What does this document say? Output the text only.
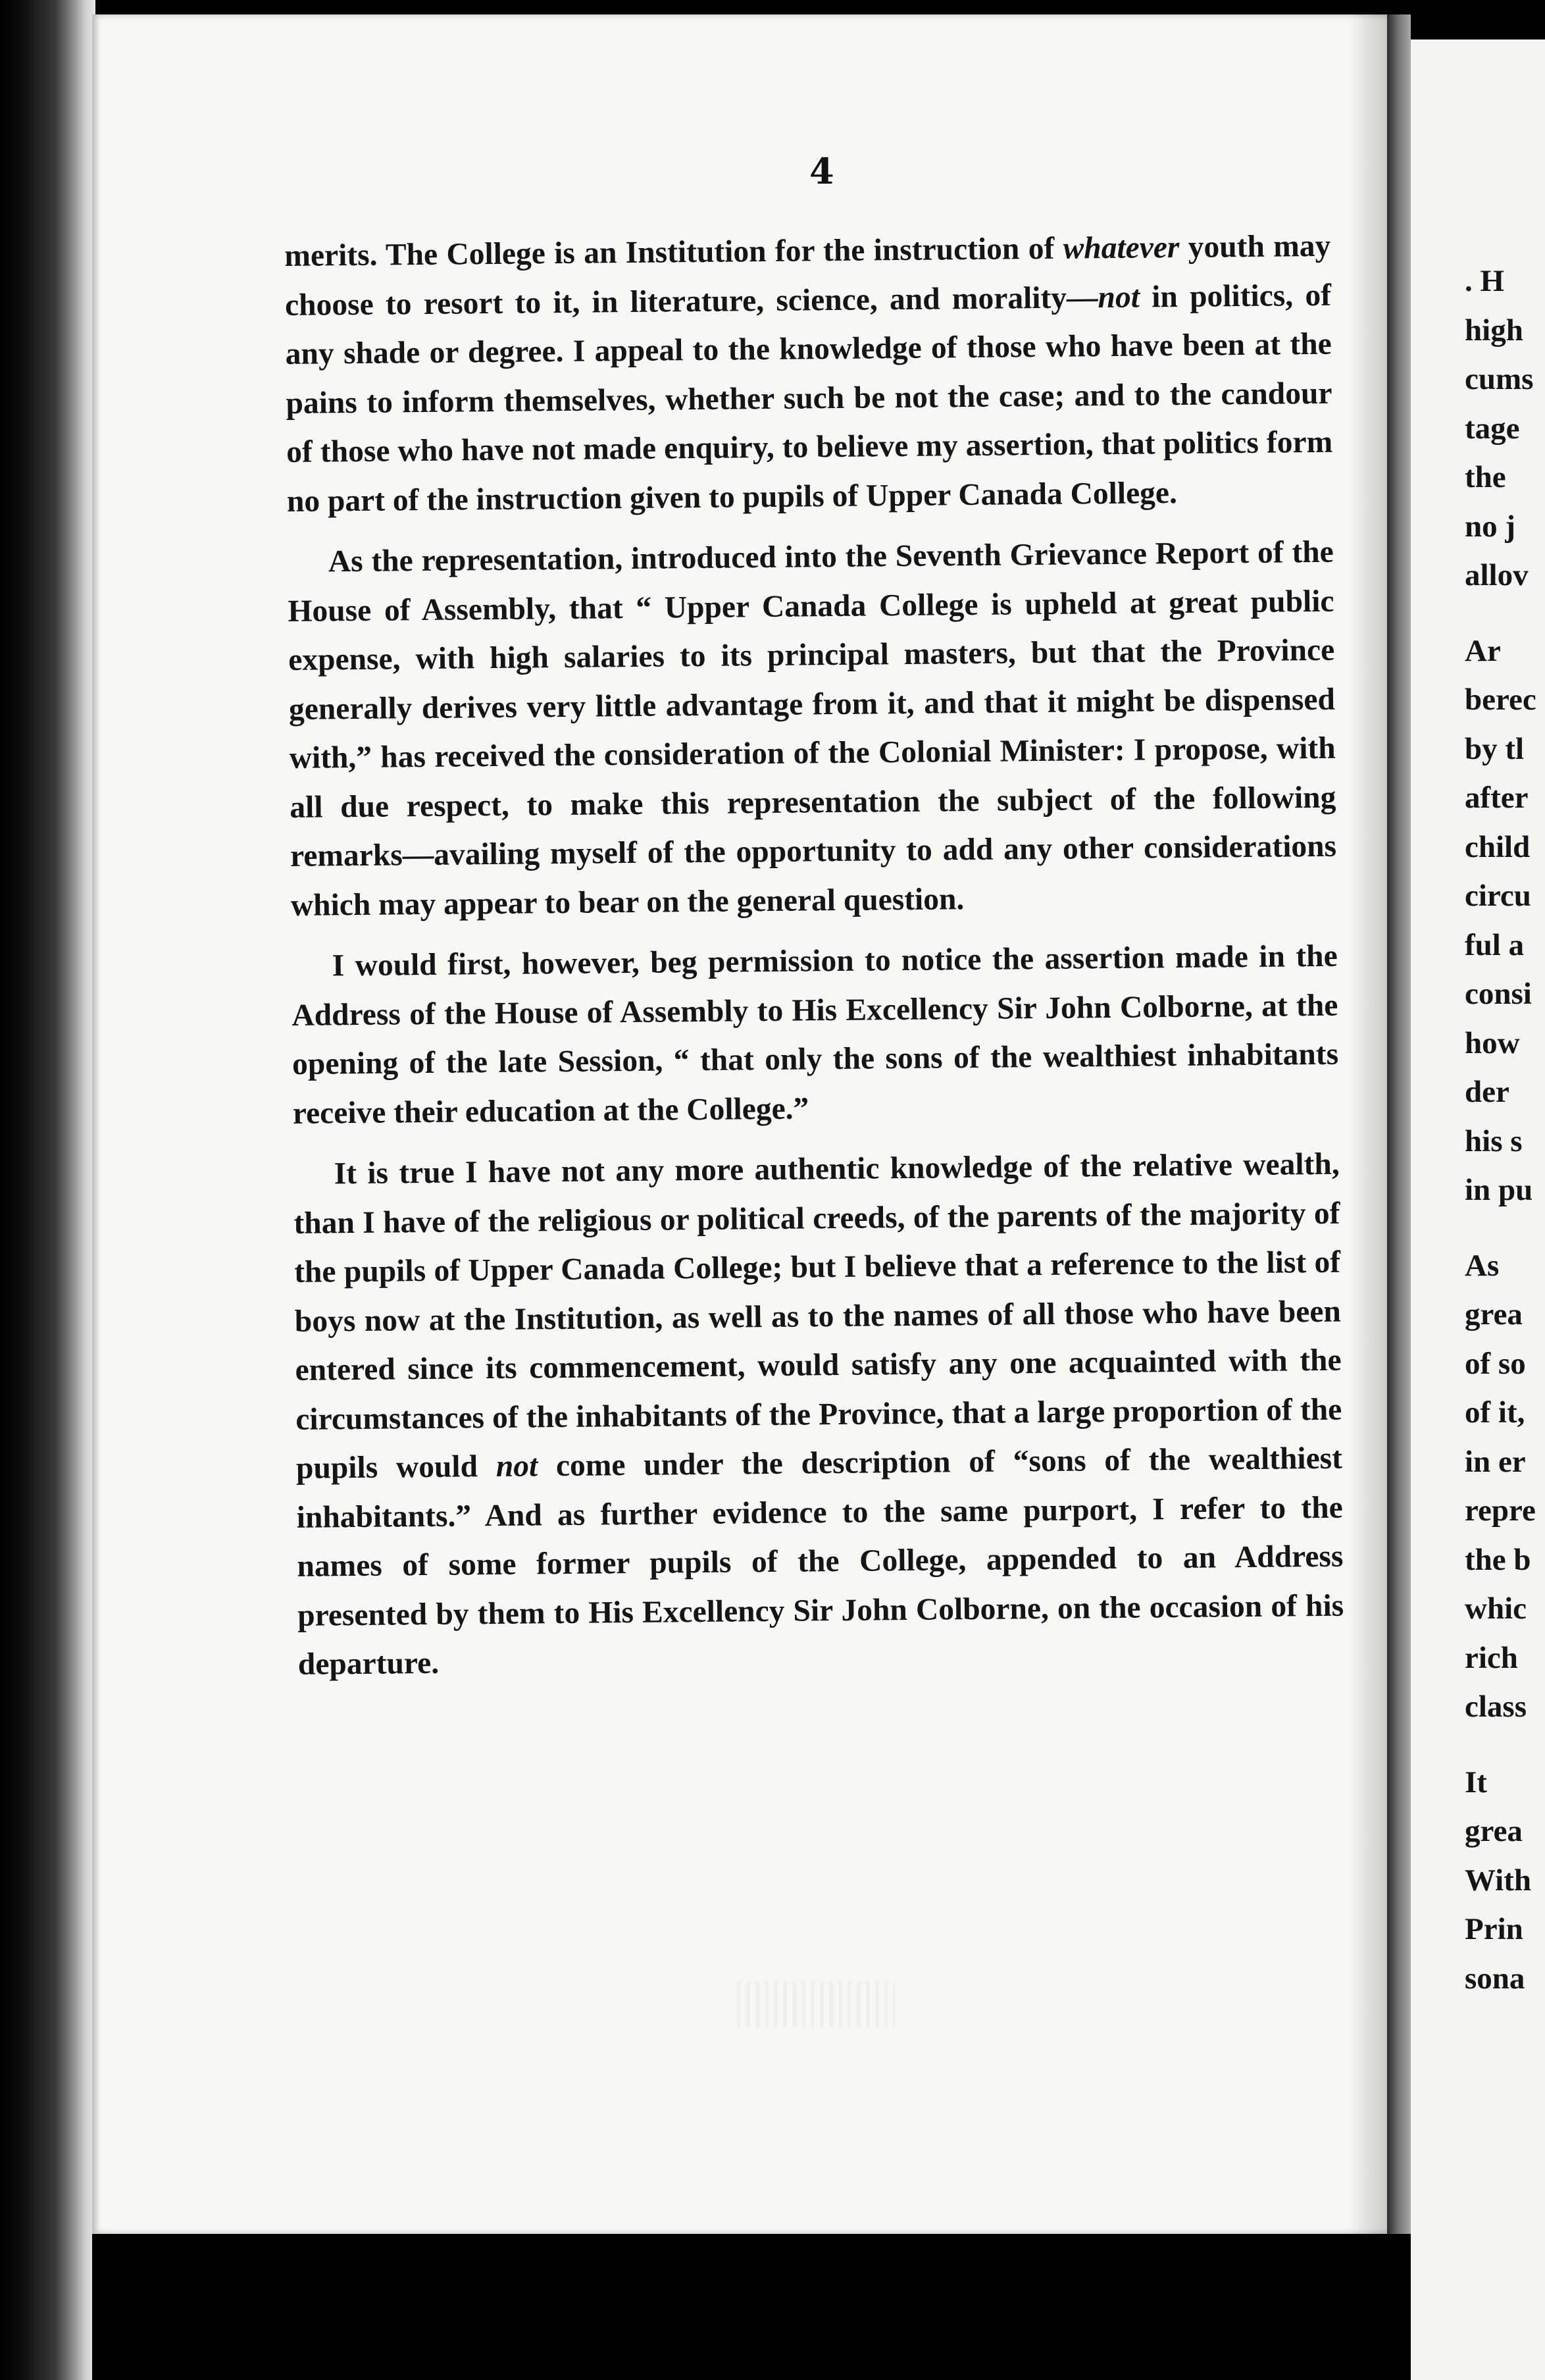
. H
high
cums
tage
the
no j
allov
Ar
berec
by tl
after
child
circu
ful a
consi
how
der
his s
in pu
As
grea
of so
of it,
in er
repre
the b
whic
rich
class
It
grea
With
Prin
sona
4

merits. The College is an Institution for the instruction of whatever youth may choose to resort to it, in literature, science, and morality—not in politics, of any shade or degree. I appeal to the knowledge of those who have been at the pains to inform themselves, whether such be not the case; and to the candour of those who have not made enquiry, to believe my assertion, that politics form no part of the instruction given to pupils of Upper Canada College.

As the representation, introduced into the Seventh Grievance Report of the House of Assembly, that “ Upper Canada College is upheld at great public expense, with high salaries to its principal masters, but that the Province generally derives very little advantage from it, and that it might be dispensed with,” has received the consideration of the Colonial Minister: I propose, with all due respect, to make this representation the subject of the following remarks—availing myself of the opportunity to add any other considerations which may appear to bear on the general question.

I would first, however, beg permission to notice the assertion made in the Address of the House of Assembly to His Excellency Sir John Colborne, at the opening of the late Session, “ that only the sons of the wealthiest inhabitants receive their education at the College.”

It is true I have not any more authentic knowledge of the relative wealth, than I have of the religious or political creeds, of the parents of the majority of the pupils of Upper Canada College; but I believe that a reference to the list of boys now at the Institution, as well as to the names of all those who have been entered since its commencement, would satisfy any one acquainted with the circumstances of the inhabitants of the Province, that a large proportion of the pupils would not come under the description of “sons of the wealthiest inhabitants.” And as further evidence to the same purport, I refer to the names of some former pupils of the College, appended to an Address presented by them to His Excellency Sir John Colborne, on the occasion of his departure.
